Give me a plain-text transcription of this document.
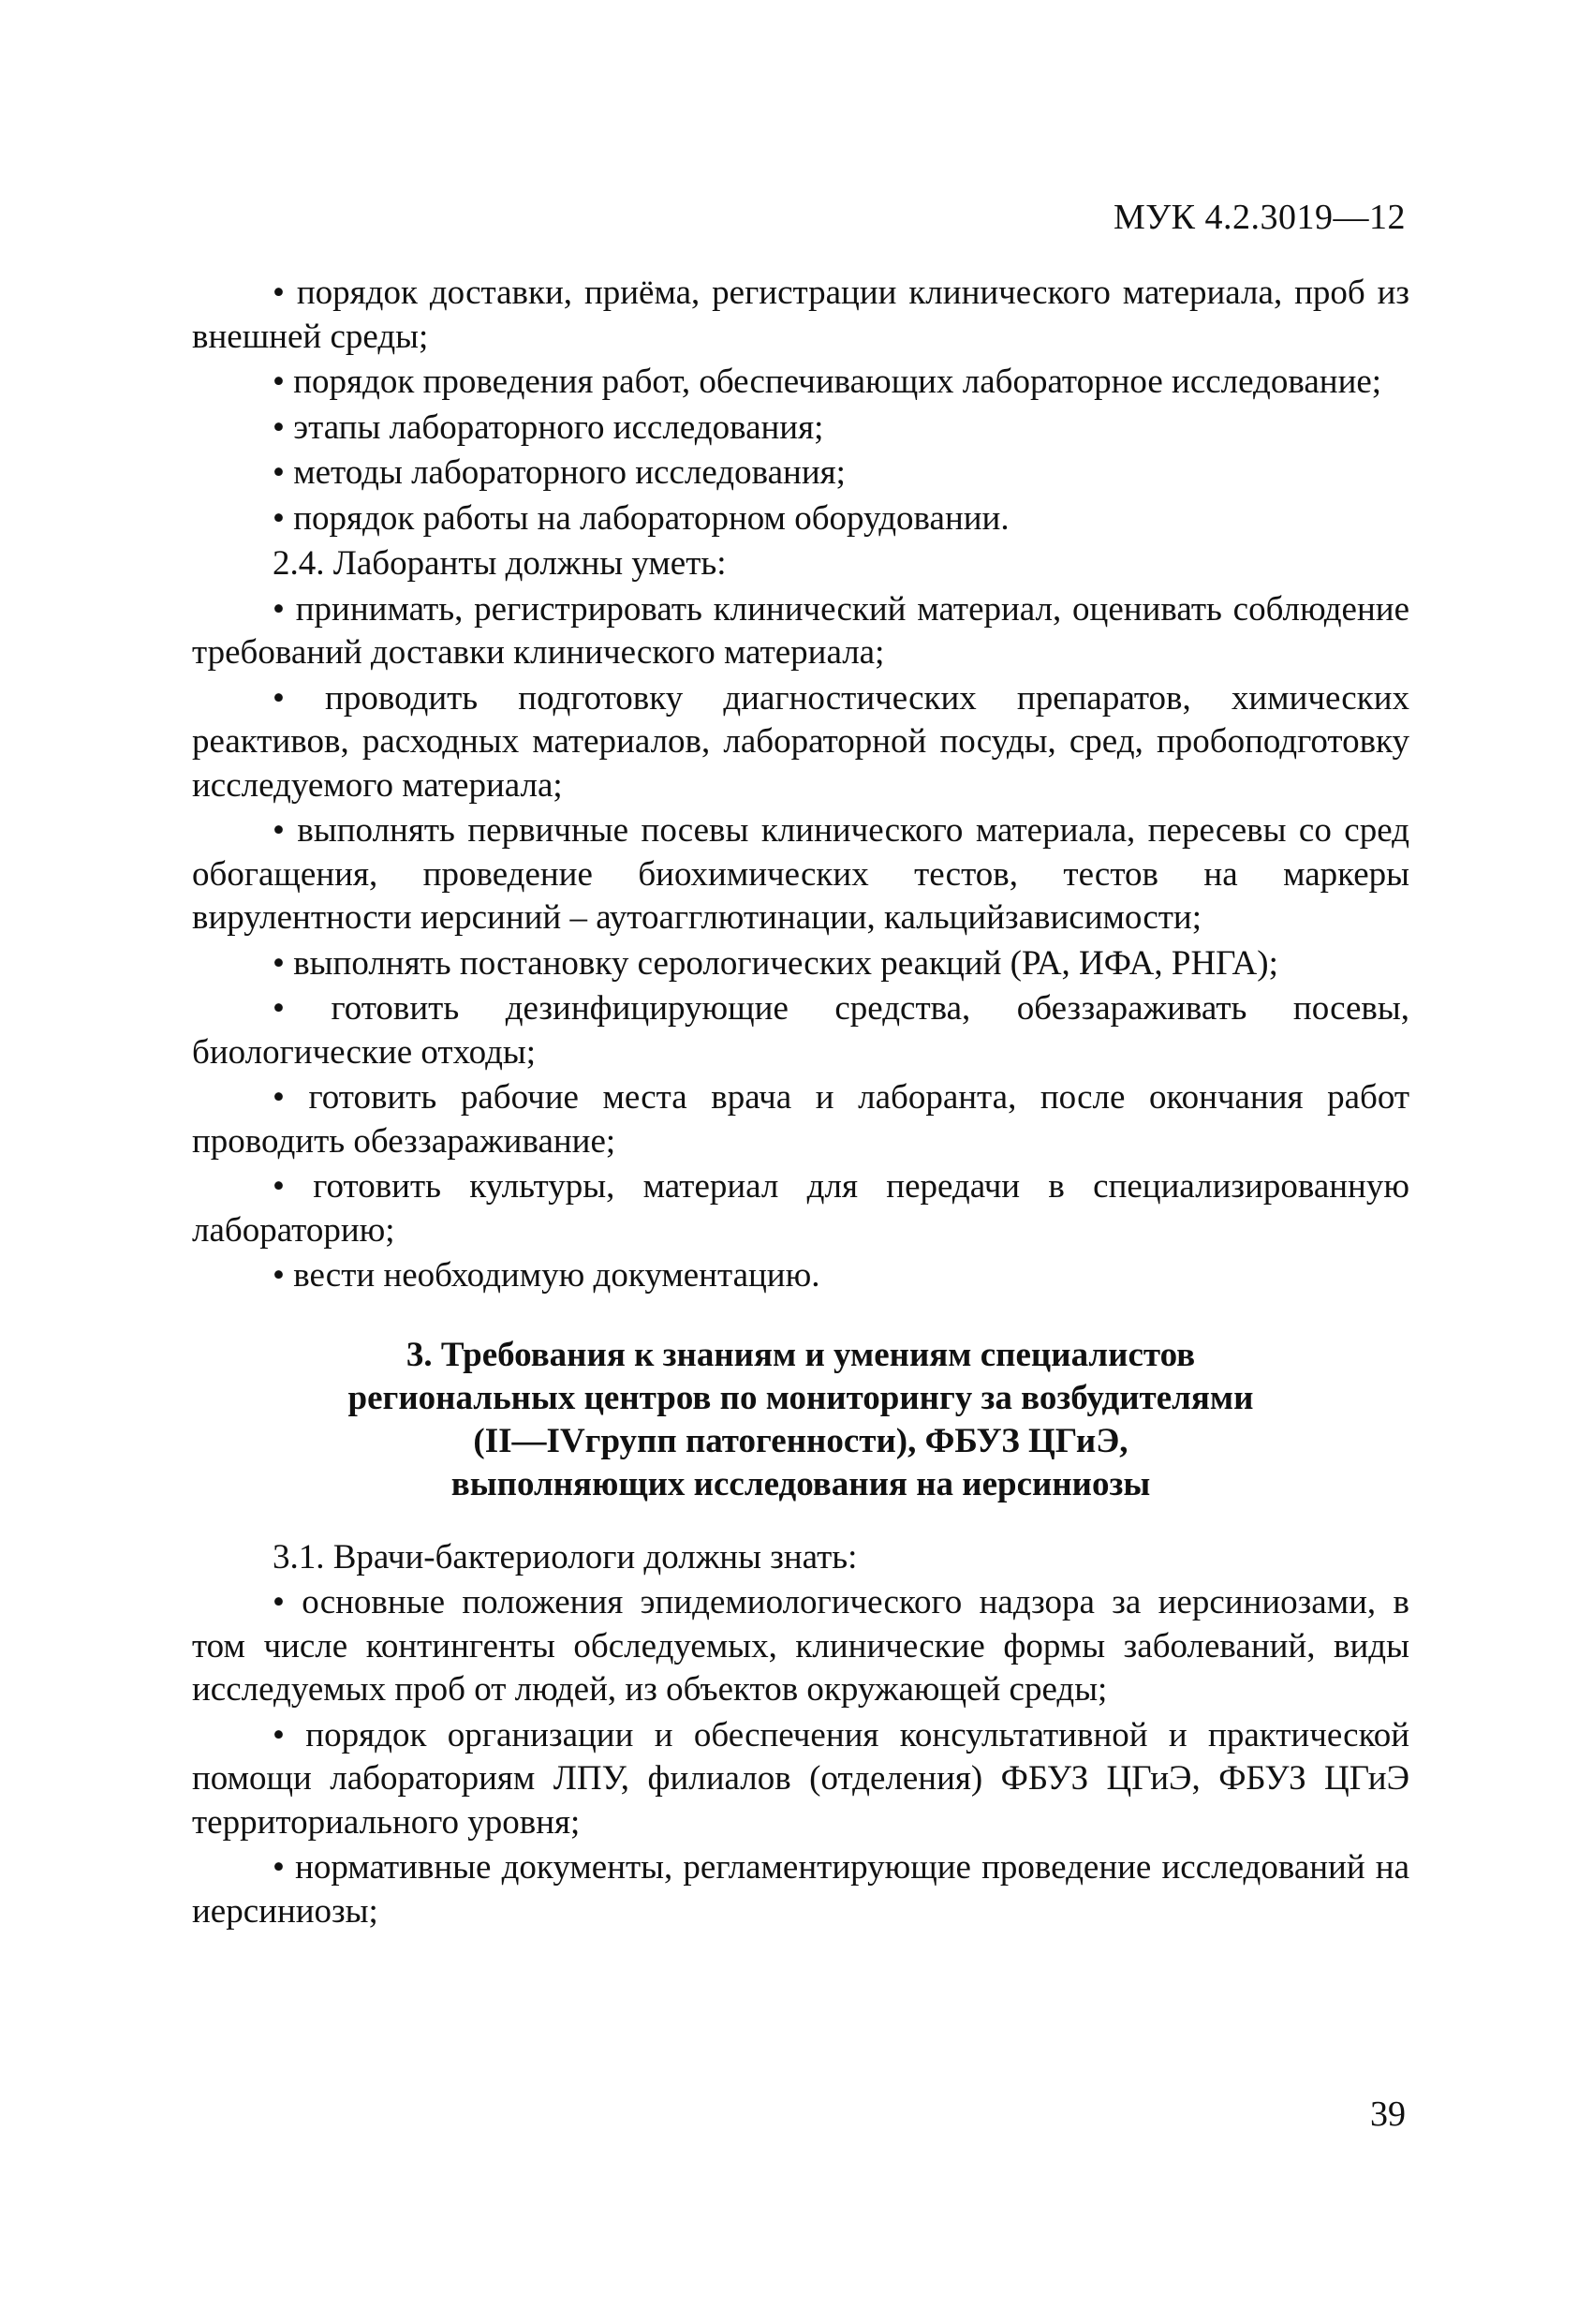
МУК 4.2.3019—12

• порядок доставки, приёма, регистрации клинического материала, проб из внешней среды;

• порядок проведения работ, обеспечивающих лабораторное исследование;

• этапы лабораторного исследования;

• методы лабораторного исследования;

• порядок работы на лабораторном оборудовании.

2.4. Лаборанты должны уметь:

• принимать, регистрировать клинический материал, оценивать соблюдение требований доставки клинического материала;

• проводить подготовку диагностических препаратов, химических реактивов, расходных материалов, лабораторной посуды, сред, пробоподготовку исследуемого материала;

• выполнять первичные посевы клинического материала, пересевы со сред обогащения, проведение биохимических тестов, тестов на маркеры вирулентности иерсиний – аутоагглютинации, кальцийзависимости;

• выполнять постановку серологических реакций (РА, ИФА, РНГА);

• готовить дезинфицирующие средства, обеззараживать посевы, биологические отходы;

• готовить рабочие места врача и лаборанта, после окончания работ проводить обеззараживание;

• готовить культуры, материал для передачи в специализированную лабораторию;

• вести необходимую документацию.

3. Требования к знаниям и умениям специалистов
региональных центров по мониторингу за возбудителями
(II—IVгрупп патогенности), ФБУЗ ЦГиЭ,
выполняющих исследования на иерсиниозы

3.1. Врачи-бактериологи должны знать:

• основные положения эпидемиологического надзора за иерсиниозами, в том числе контингенты обследуемых, клинические формы заболеваний, виды исследуемых проб от людей, из объектов окружающей среды;

• порядок организации и обеспечения консультативной и практической помощи лабораториям ЛПУ, филиалов (отделения) ФБУЗ ЦГиЭ, ФБУЗ ЦГиЭ территориального уровня;

• нормативные документы, регламентирующие проведение исследований на иерсиниозы;

39
